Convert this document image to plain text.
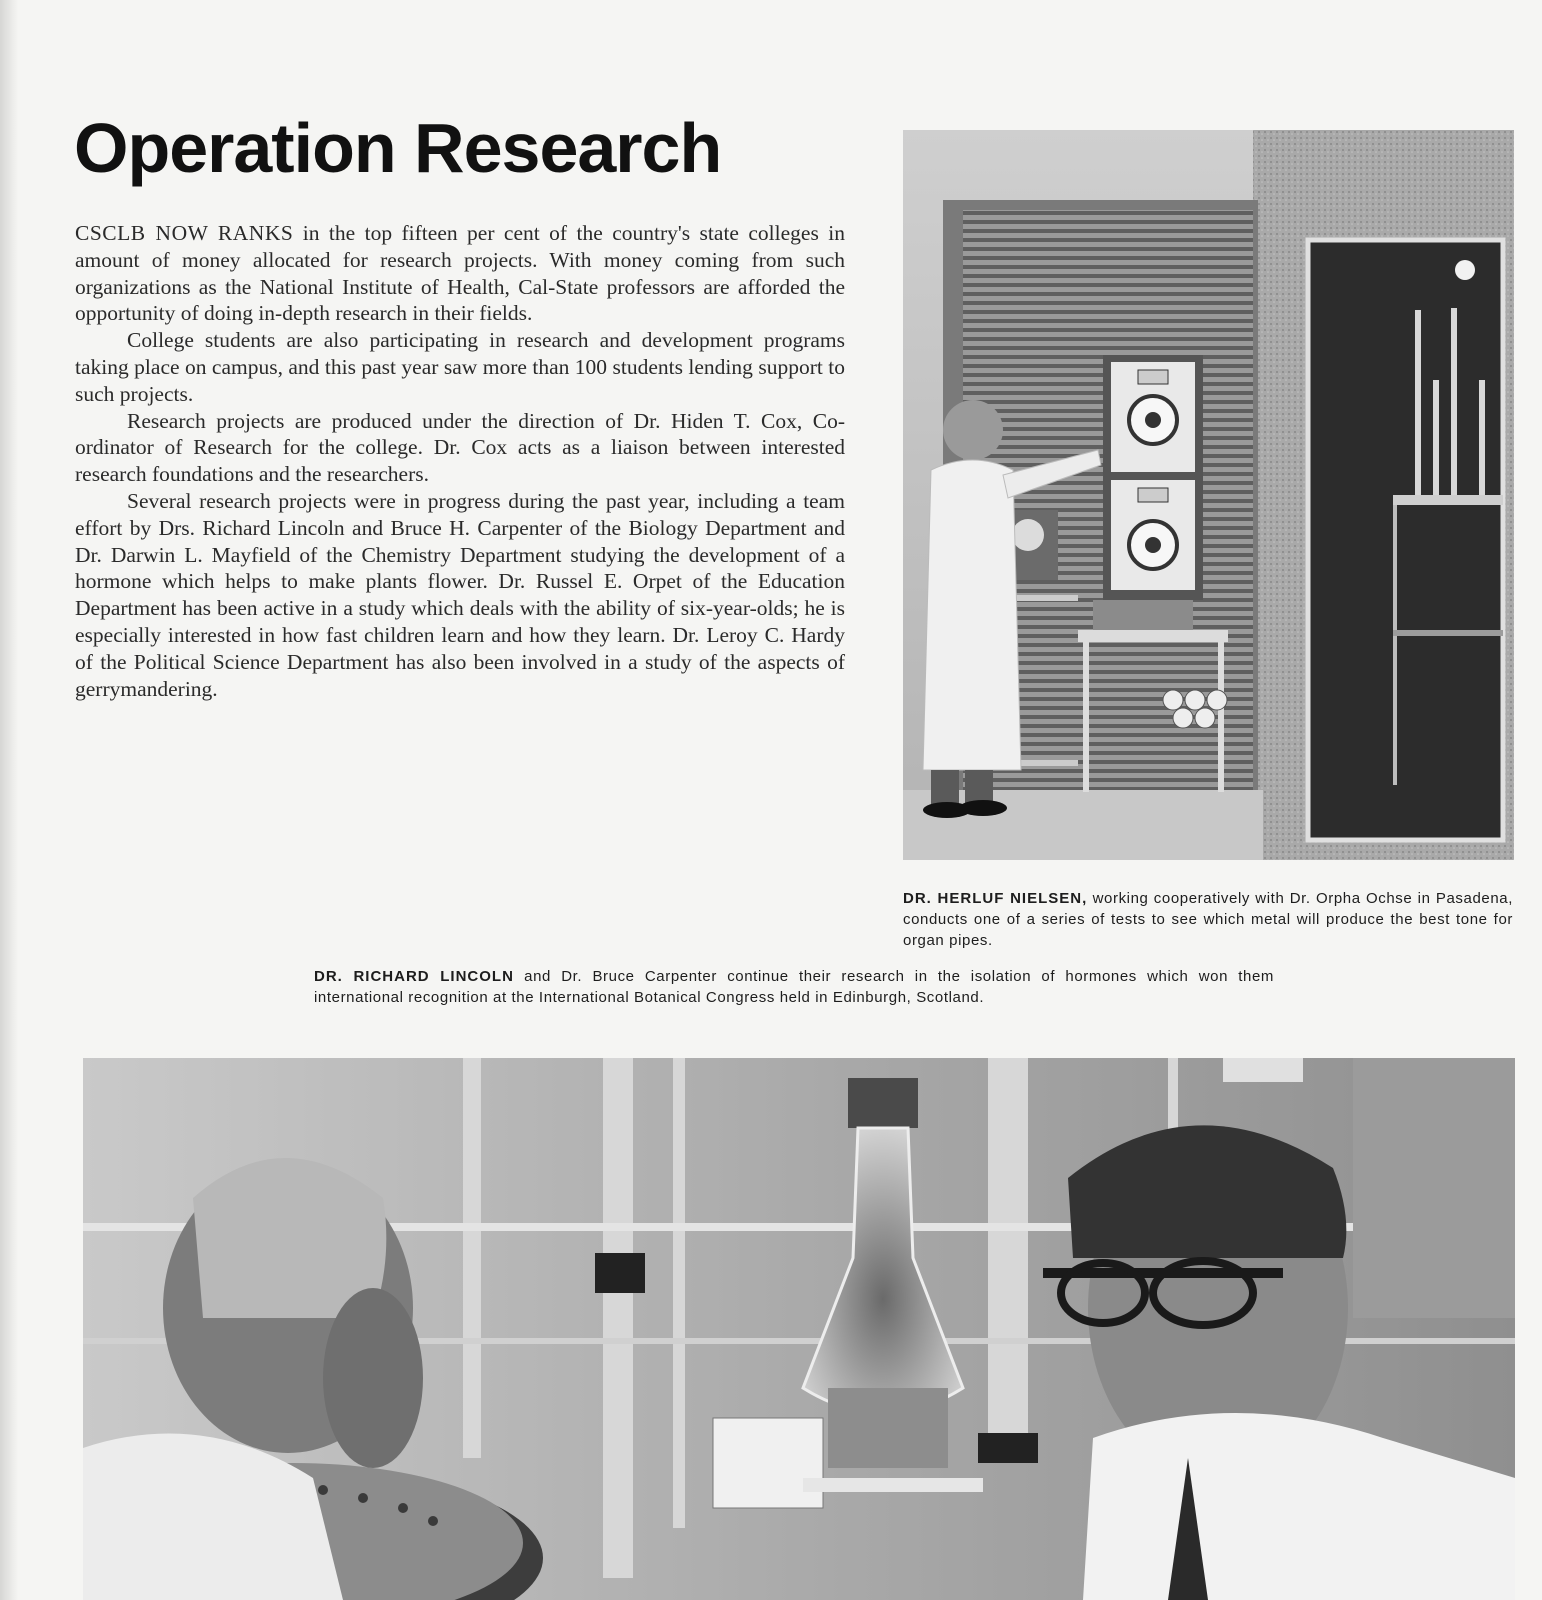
Operation Research

CSCLB NOW RANKS in the top fifteen per cent of the country's state colleges in amount of money allocated for research projects. With money coming from such organizations as the National Institute of Health, Cal-State professors are afforded the opportunity of doing in-depth research in their fields.

College students are also participating in research and development programs taking place on campus, and this past year saw more than 100 students lending support to such projects.

Research projects are produced under the direction of Dr. Hiden T. Cox, Co-ordinator of Research for the college. Dr. Cox acts as a liaison between interested research foundations and the researchers.

Several research projects were in progress during the past year, including a team effort by Drs. Richard Lincoln and Bruce H. Carpenter of the Biology Department and Dr. Darwin L. Mayfield of the Chemistry Department studying the development of a hormone which helps to make plants flower. Dr. Russel E. Orpet of the Education Department has been active in a study which deals with the ability of six-year-olds; he is especially interested in how fast children learn and how they learn. Dr. Leroy C. Hardy of the Political Science Department has also been involved in a study of the aspects of gerrymandering.

DR. HERLUF NIELSEN, working cooperatively with Dr. Orpha Ochse in Pasadena, conducts one of a series of tests to see which metal will produce the best tone for organ pipes.

DR. RICHARD LINCOLN and Dr. Bruce Carpenter continue their research in the isolation of hormones which won them international recognition at the International Botanical Congress held in Edinburgh, Scotland.
